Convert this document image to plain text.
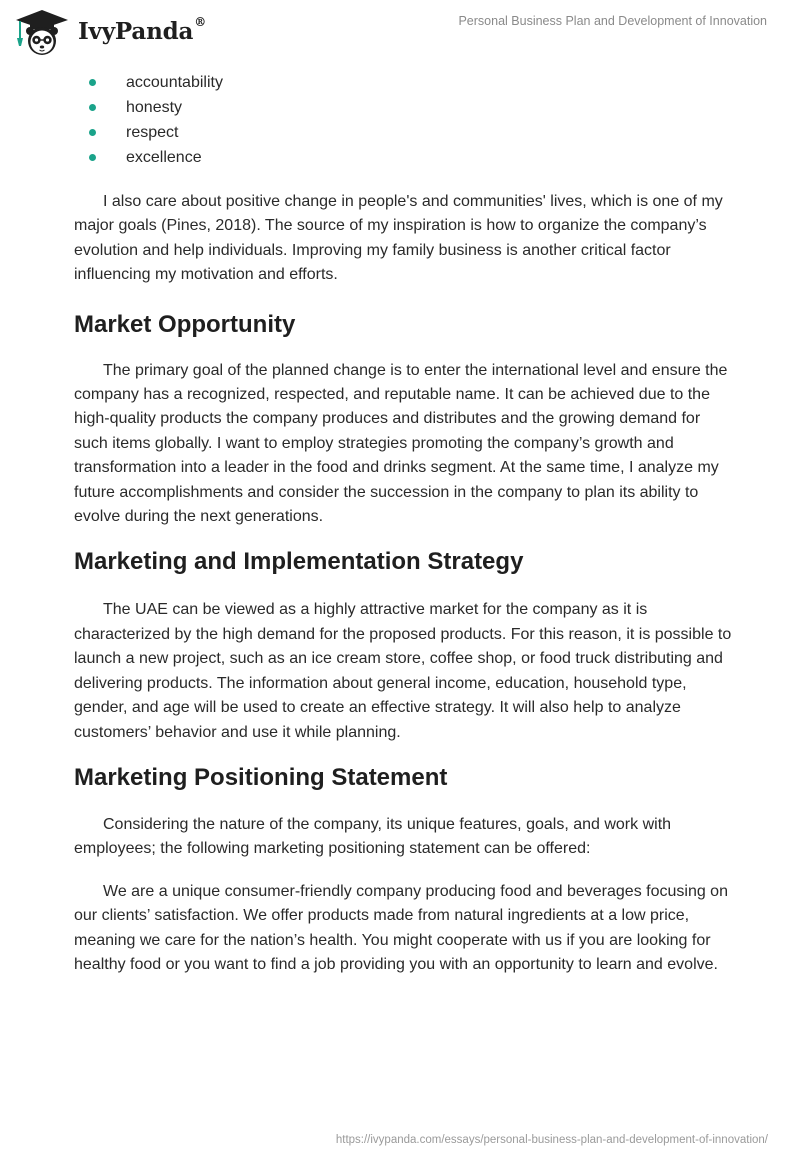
IvyPanda®	Personal Business Plan and Development of Innovation
accountability
honesty
respect
excellence

I also care about positive change in people's and communities' lives, which is one of my major goals (Pines, 2018). The source of my inspiration is how to organize the company’s evolution and help individuals. Improving my family business is another critical factor influencing my motivation and efforts.

Market Opportunity

The primary goal of the planned change is to enter the international level and ensure the company has a recognized, respected, and reputable name. It can be achieved due to the high-quality products the company produces and distributes and the growing demand for such items globally. I want to employ strategies promoting the company’s growth and transformation into a leader in the food and drinks segment. At the same time, I analyze my future accomplishments and consider the succession in the company to plan its ability to evolve during the next generations.

Marketing and Implementation Strategy

The UAE can be viewed as a highly attractive market for the company as it is characterized by the high demand for the proposed products. For this reason, it is possible to launch a new project, such as an ice cream store, coffee shop, or food truck distributing and delivering products. The information about general income, education, household type, gender, and age will be used to create an effective strategy. It will also help to analyze customers’ behavior and use it while planning.

Marketing Positioning Statement

Considering the nature of the company, its unique features, goals, and work with employees; the following marketing positioning statement can be offered:

We are a unique consumer-friendly company producing food and beverages focusing on our clients’ satisfaction. We offer products made from natural ingredients at a low price, meaning we care for the nation’s health. You might cooperate with us if you are looking for healthy food or you want to find a job providing you with an opportunity to learn and evolve.

https://ivypanda.com/essays/personal-business-plan-and-development-of-innovation/
